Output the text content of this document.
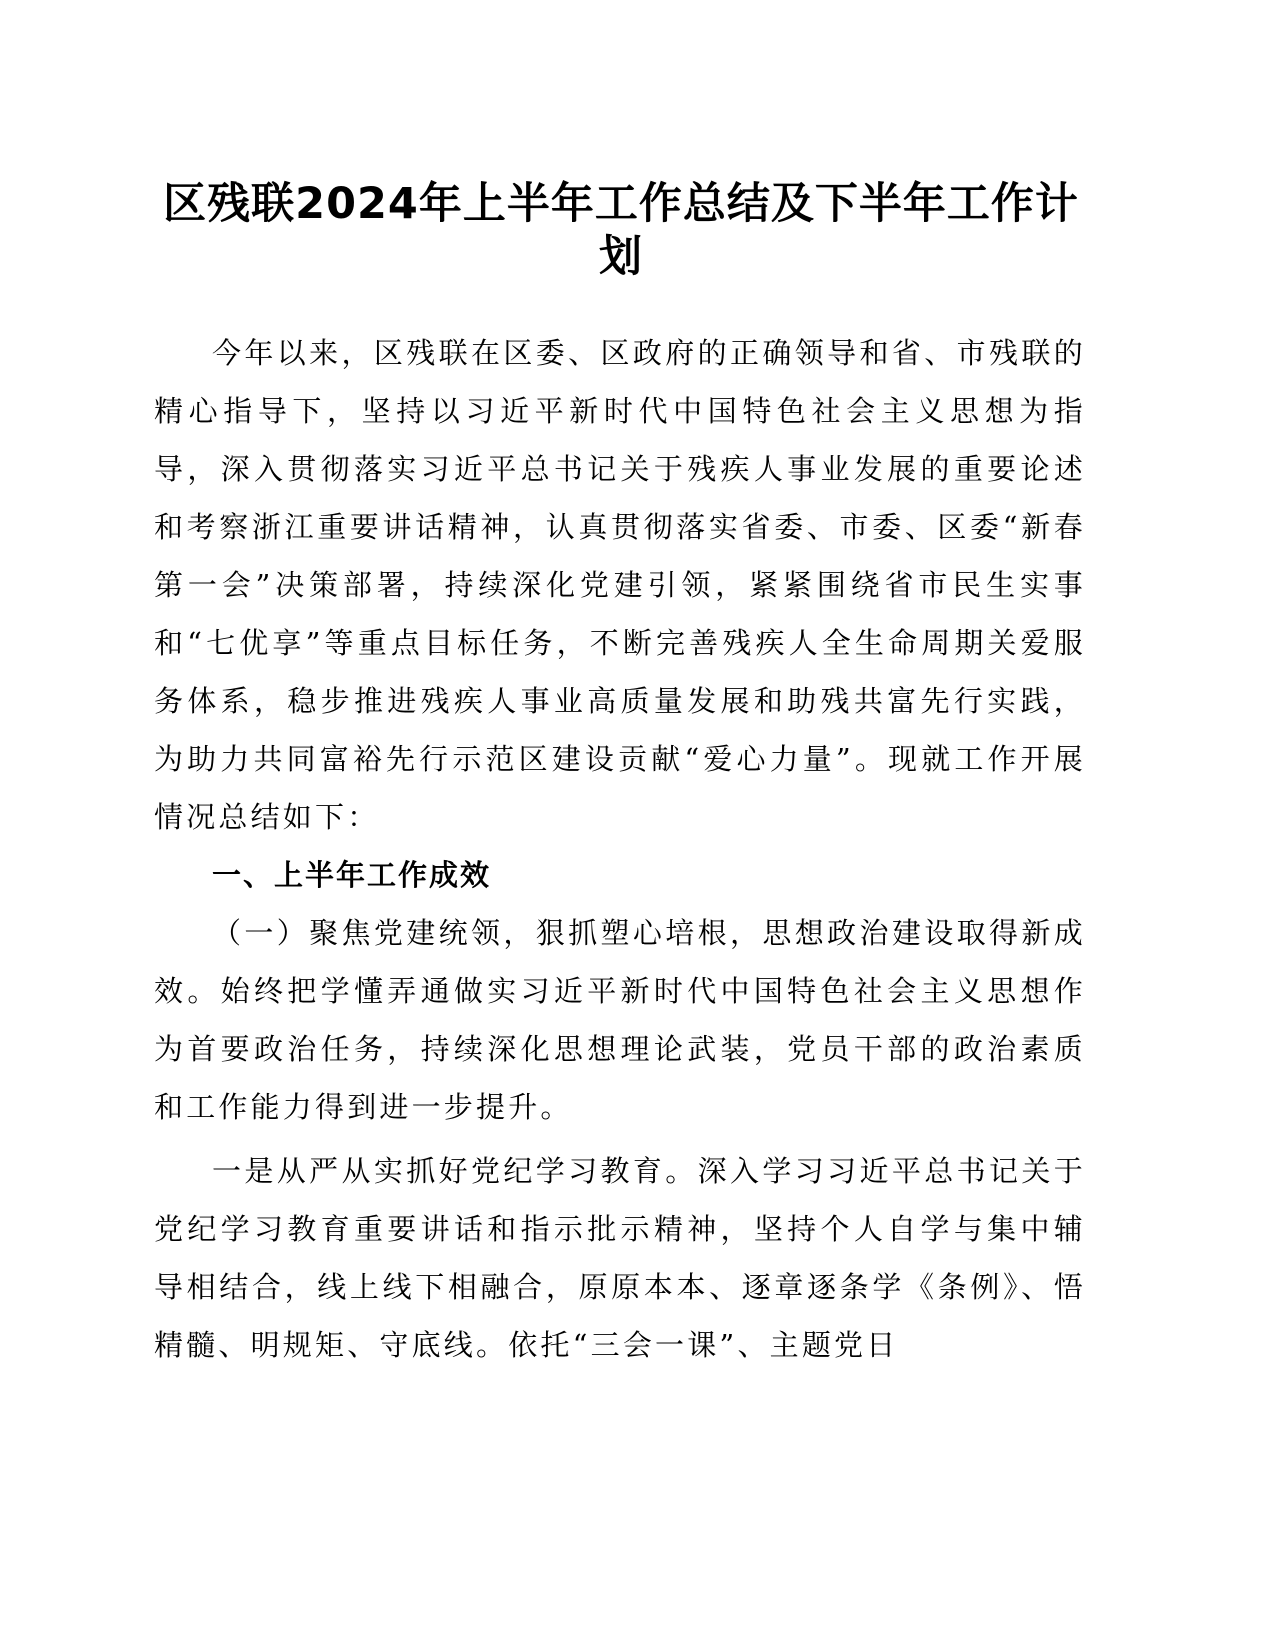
区残联2024年上半年工作总结及下半年工作计划

今年以来，区残联在区委、区政府的正确领导和省、市残联的精心指导下，坚持以习近平新时代中国特色社会主义思想为指导，深入贯彻落实习近平总书记关于残疾人事业发展的重要论述和考察浙江重要讲话精神，认真贯彻落实省委、市委、区委“新春第一会”决策部署，持续深化党建引领，紧紧围绕省市民生实事和“七优享”等重点目标任务，不断完善残疾人全生命周期关爱服务体系，稳步推进残疾人事业高质量发展和助残共富先行实践，为助力共同富裕先行示范区建设贡献“爱心力量”。现就工作开展情况总结如下：

一、上半年工作成效

（一）聚焦党建统领，狠抓塑心培根，思想政治建设取得新成效。始终把学懂弄通做实习近平新时代中国特色社会主义思想作为首要政治任务，持续深化思想理论武装，党员干部的政治素质和工作能力得到进一步提升。

一是从严从实抓好党纪学习教育。深入学习习近平总书记关于党纪学习教育重要讲话和指示批示精神，坚持个人自学与集中辅导相结合，线上线下相融合，原原本本、逐章逐条学《条例》、悟精髓、明规矩、守底线。依托“三会一课”、主题党日
